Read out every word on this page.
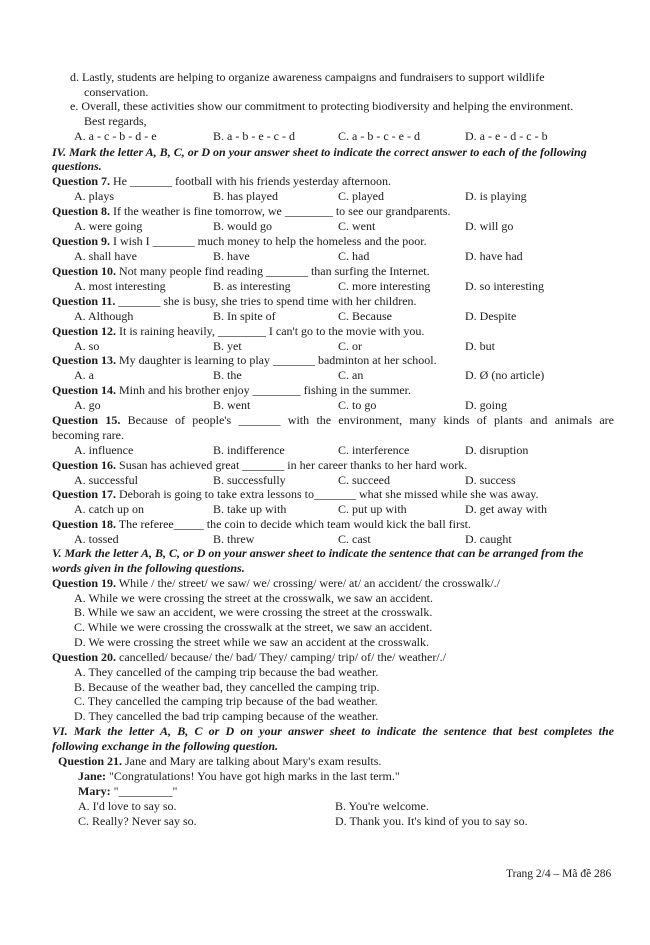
d. Lastly, students are helping to organize awareness campaigns and fundraisers to support wildlife
conservation.
e. Overall, these activities show our commitment to protecting biodiversity and helping the environment.
Best regards,
A. a - c - b - d - e	B. a - b - e - c - d	C. a - b - c - e - d	D. a - e - d - c - b
IV. Mark the letter A, B, C, or D on your answer sheet to indicate the correct answer to each of the following
questions.
Question 7. He _______ football with his friends yesterday afternoon.
A. plays	B. has played	C. played	D. is playing
Question 8. If the weather is fine tomorrow, we ________ to see our grandparents.
A. were going	B. would go	C. went	D. will go
Question 9. I wish I _______ much money to help the homeless and the poor.
A. shall have	B. have	C. had	D. have had
Question 10. Not many people find reading _______ than surfing the Internet.
A. most interesting	B. as interesting	C. more interesting	D. so interesting
Question 11. _______ she is busy, she tries to spend time with her children.
A. Although	B. In spite of	C. Because	D. Despite
Question 12. It is raining heavily, ________ I can't go to the movie with you.
A. so	B. yet	C. or	D. but
Question 13. My daughter is learning to play _______ badminton at her school.
A. a	B. the	C. an	D. Ø (no article)
Question 14. Minh and his brother enjoy ________ fishing in the summer.
A. go	B. went	C. to go	D. going
Question 15. Because of people's _______ with the environment, many kinds of plants and animals are
becoming rare.
A. influence	B. indifference	C. interference	D. disruption
Question 16. Susan has achieved great _______ in her career thanks to her hard work.
A. successful	B. successfully	C. succeed	D. success
Question 17. Deborah is going to take extra lessons to_______ what she missed while she was away.
A. catch up on	B. take up with	C. put up with	D. get away with
Question 18. The referee_____ the coin to decide which team would kick the ball first.
A. tossed	B. threw	C. cast	D. caught
V. Mark the letter A, B, C, or D on your answer sheet to indicate the sentence that can be arranged from the
words given in the following questions.
Question 19. While / the/ street/ we saw/ we/ crossing/ were/ at/ an accident/ the crosswalk/./
A. While we were crossing the street at the crosswalk, we saw an accident.
B. While we saw an accident, we were crossing the street at the crosswalk.
C. While we were crossing the crosswalk at the street, we saw an accident.
D. We were crossing the street while we saw an accident at the crosswalk.
Question 20. cancelled/ because/ the/ bad/ They/ camping/ trip/ of/ the/ weather/./
A. They cancelled of the camping trip because the bad weather.
B. Because of the weather bad, they cancelled the camping trip.
C. They cancelled the camping trip because of the bad weather.
D. They cancelled the bad trip camping because of the weather.
VI. Mark the letter A, B, C or D on your answer sheet to indicate the sentence that best completes the
following exchange in the following question.
Question 21. Jane and Mary are talking about Mary's exam results.
Jane: "Congratulations! You have got high marks in the last term."
Mary: "_________"
A. I'd love to say so.	B. You're welcome.
C. Really? Never say so.	D. Thank you. It's kind of you to say so.
Trang 2/4 – Mã đề 286
